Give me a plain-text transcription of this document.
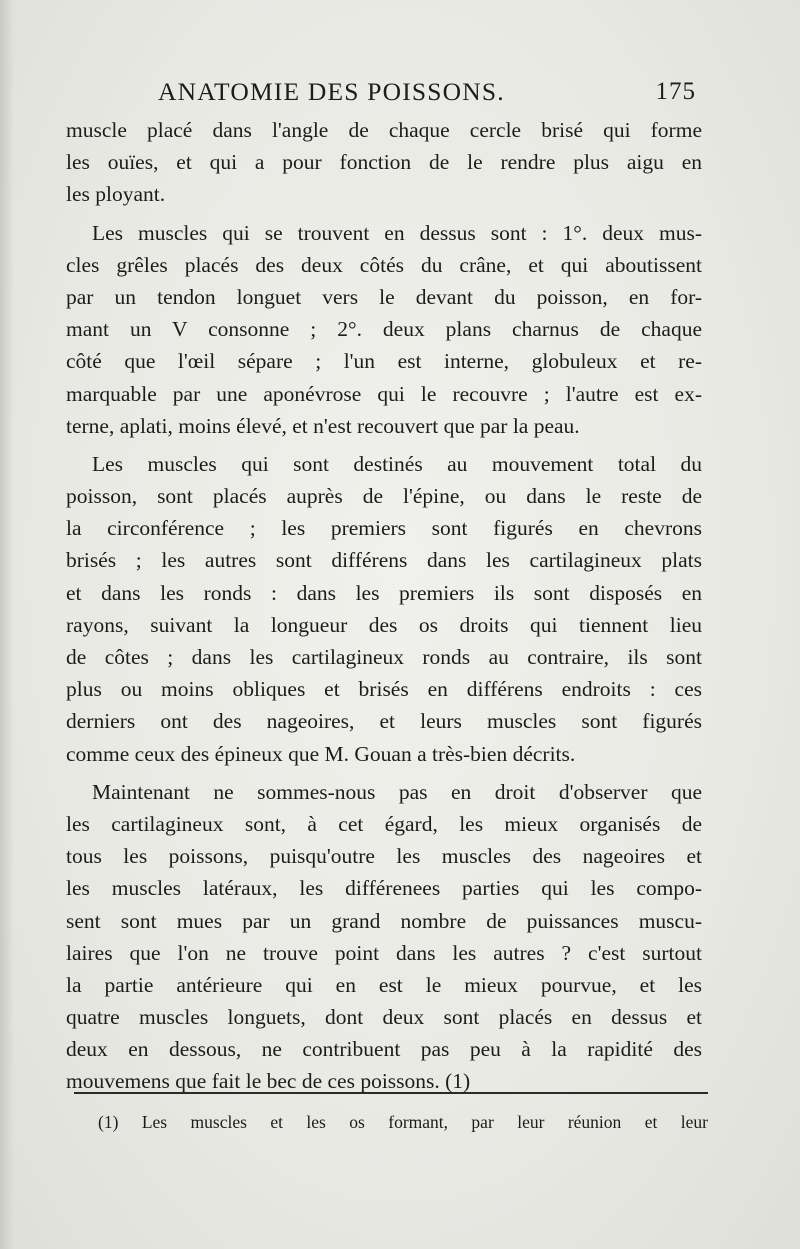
ANATOMIE DES POISSONS.	175
muscle placé dans l'angle de chaque cercle brisé qui forme
les ouïes, et qui a pour fonction de le rendre plus aigu en
les ployant.
Les muscles qui se trouvent en dessus sont : 1°. deux mus-
cles grêles placés des deux côtés du crâne, et qui aboutissent
par un tendon longuet vers le devant du poisson, en for-
mant un V consonne ; 2°. deux plans charnus de chaque
côté que l'œil sépare ; l'un est interne, globuleux et re-
marquable par une aponévrose qui le recouvre ; l'autre est ex-
terne, aplati, moins élevé, et n'est recouvert que par la peau.
Les muscles qui sont destinés au mouvement total du
poisson, sont placés auprès de l'épine, ou dans le reste de
la circonférence ; les premiers sont figurés en chevrons
brisés ; les autres sont différens dans les cartilagineux plats
et dans les ronds : dans les premiers ils sont disposés en
rayons, suivant la longueur des os droits qui tiennent lieu
de côtes ; dans les cartilagineux ronds au contraire, ils sont
plus ou moins obliques et brisés en différens endroits : ces
derniers ont des nageoires, et leurs muscles sont figurés
comme ceux des épineux que M. Gouan a très-bien décrits.
Maintenant ne sommes-nous pas en droit d'observer que
les cartilagineux sont, à cet égard, les mieux organisés de
tous les poissons, puisqu'outre les muscles des nageoires et
les muscles latéraux, les différenees parties qui les compo-
sent sont mues par un grand nombre de puissances muscu-
laires que l'on ne trouve point dans les autres ? c'est surtout
la partie antérieure qui en est le mieux pourvue, et les
quatre muscles longuets, dont deux sont placés en dessus et
deux en dessous, ne contribuent pas peu à la rapidité des
mouvemens que fait le bec de ces poissons. (1)
(1) Les muscles et les os formant, par leur réunion et leur
